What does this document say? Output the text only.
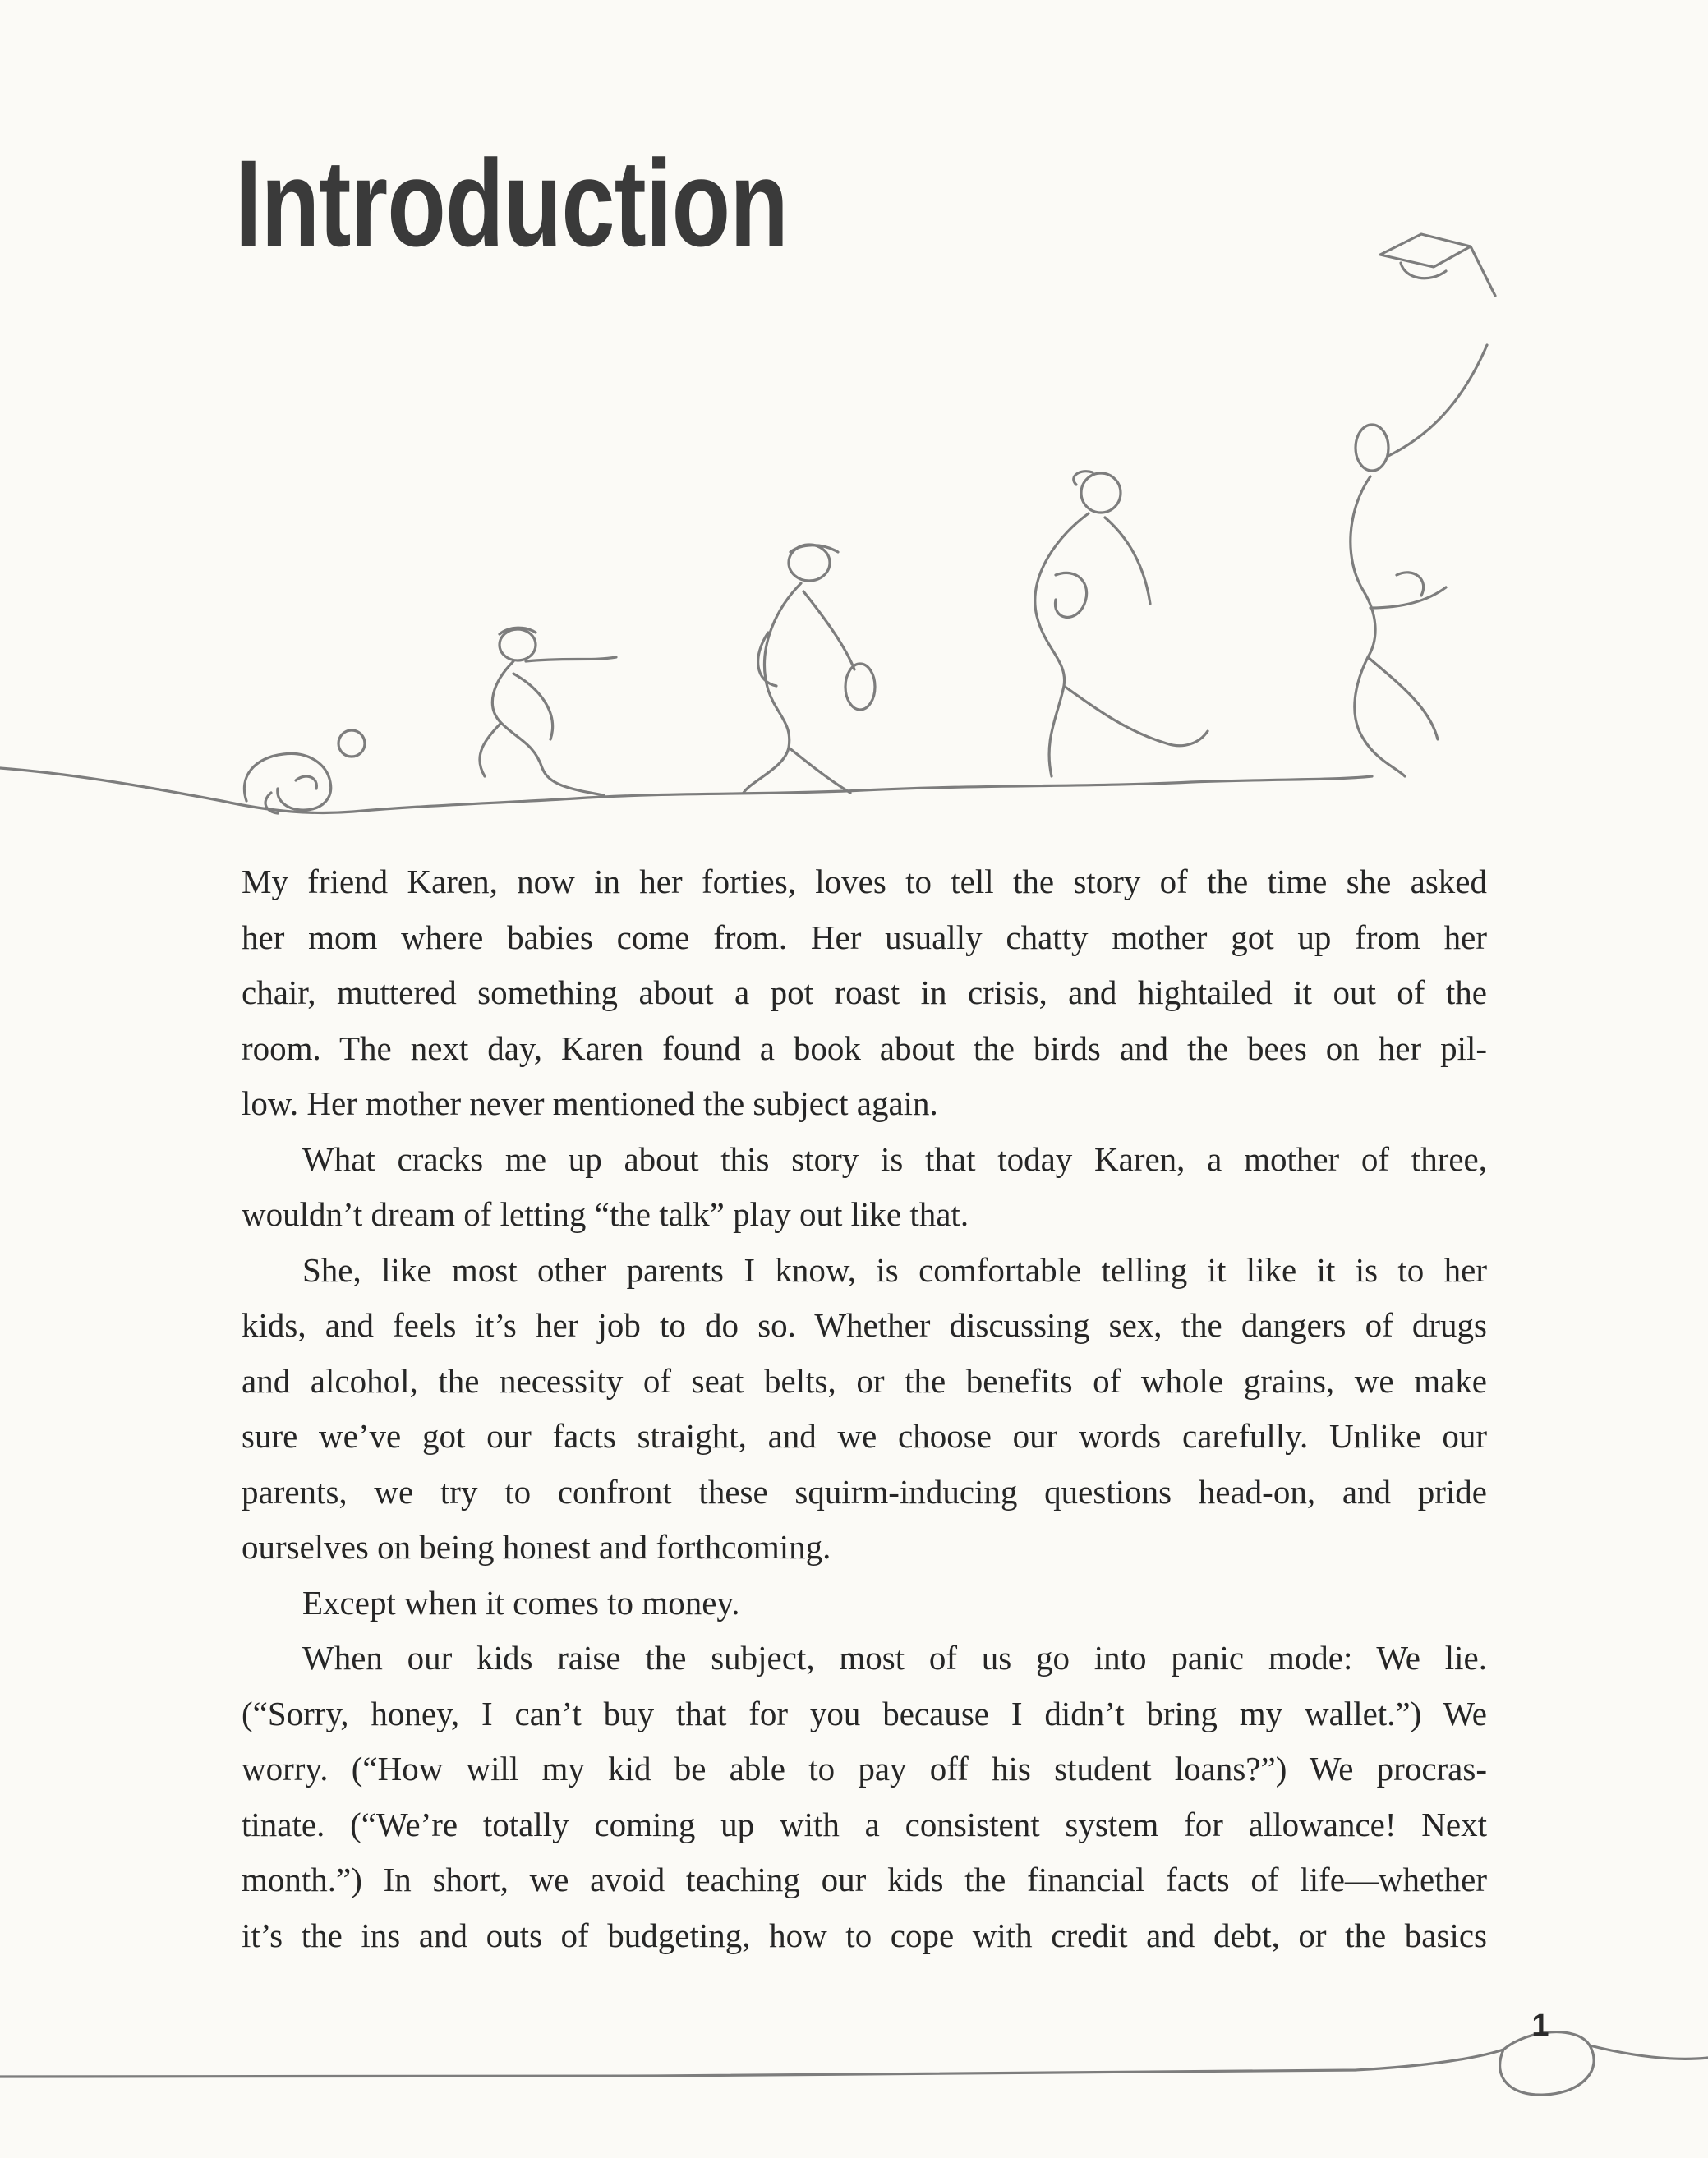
Introduction

My friend Karen, now in her forties, loves to tell the story of the time she asked

her mom where babies come from. Her usually chatty mother got up from her

chair, muttered something about a pot roast in crisis, and hightailed it out of the

room. The next day, Karen found a book about the birds and the bees on her pil-

low. Her mother never mentioned the subject again.

What cracks me up about this story is that today Karen, a mother of three,

wouldn’t dream of letting “the talk” play out like that.

She, like most other parents I know, is comfortable telling it like it is to her

kids, and feels it’s her job to do so. Whether discussing sex, the dangers of drugs

and alcohol, the necessity of seat belts, or the benefits of whole grains, we make

sure we’ve got our facts straight, and we choose our words carefully. Unlike our

parents, we try to confront these squirm-inducing questions head-on, and pride

ourselves on being honest and forthcoming.

Except when it comes to money.

When our kids raise the subject, most of us go into panic mode: We lie.

(“Sorry, honey, I can’t buy that for you because I didn’t bring my wallet.”) We

worry. (“How will my kid be able to pay off his student loans?”) We procras-

tinate. (“We’re totally coming up with a consistent system for allowance! Next

month.”) In short, we avoid teaching our kids the financial facts of life—whether

it’s the ins and outs of budgeting, how to cope with credit and debt, or the basics

1
